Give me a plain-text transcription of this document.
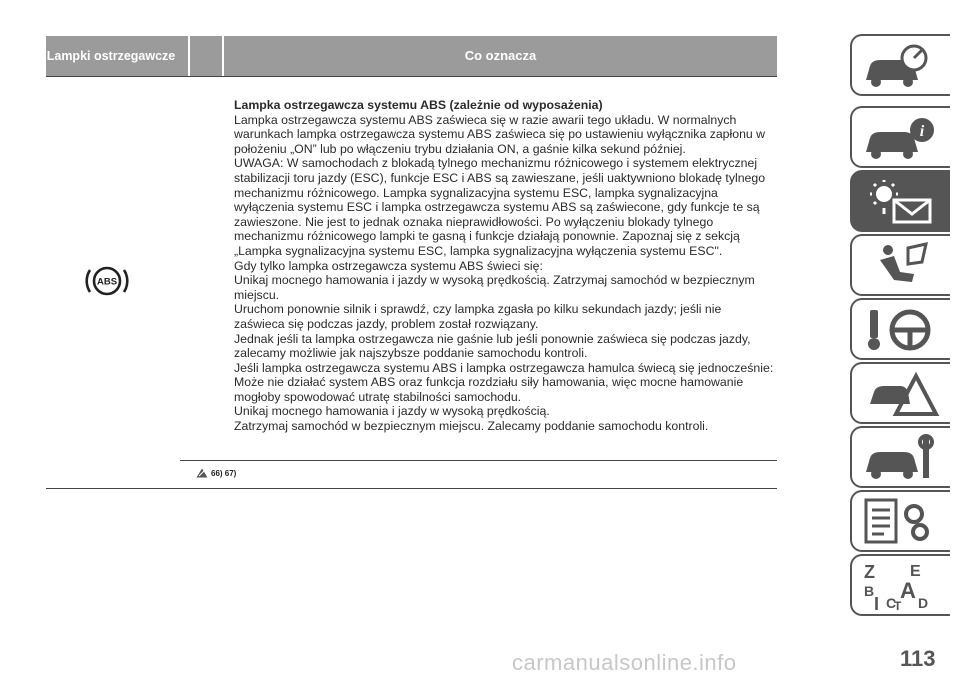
Lampki ostrzegawcze	Co oznacza
ABS

Lampka ostrzegawcza systemu ABS (zależnie od wyposażenia)

Lampka ostrzegawcza systemu ABS zaświeca się w razie awarii tego układu. W normalnych warunkach lampka ostrzegawcza systemu ABS zaświeca się po ustawieniu wyłącznika zapłonu w położeniu „ON” lub po włączeniu trybu działania ON, a gaśnie kilka sekund później.

UWAGA: W samochodach z blokadą tylnego mechanizmu różnicowego i systemem elektrycznej stabilizacji toru jazdy (ESC), funkcje ESC i ABS są zawieszane, jeśli uaktywniono blokadę tylnego mechanizmu różnicowego. Lampka sygnalizacyjna systemu ESC, lampka sygnalizacyjna wyłączenia systemu ESC i lampka ostrzegawcza systemu ABS są zaświecone, gdy funkcje te są zawieszone. Nie jest to jednak oznaka nieprawidłowości. Po wyłączeniu blokady tylnego mechanizmu różnicowego lampki te gasną i funkcje działają ponownie. Zapoznaj się z sekcją „Lampka sygnalizacyjna systemu ESC, lampka sygnalizacyjna wyłączenia systemu ESC".

Gdy tylko lampka ostrzegawcza systemu ABS świeci się:

Unikaj mocnego hamowania i jazdy w wysoką prędkością. Zatrzymaj samochód w bezpiecznym miejscu.

Uruchom ponownie silnik i sprawdź, czy lampka zgasła po kilku sekundach jazdy; jeśli nie zaświeca się podczas jazdy, problem został rozwiązany.

Jednak jeśli ta lampka ostrzegawcza nie gaśnie lub jeśli ponownie zaświeca się podczas jazdy, zalecamy możliwie jak najszybsze poddanie samochodu kontroli.

Jeśli lampka ostrzegawcza systemu ABS i lampka ostrzegawcza hamulca świecą się jednocześnie:

Może nie działać system ABS oraz funkcja rozdziału siły hamowania, więc mocne hamowanie mogłoby spowodować utratę stabilności samochodu.

Unikaj mocnego hamowania i jazdy w wysoką prędkością.

Zatrzymaj samochód w bezpiecznym miejscu. Zalecamy poddanie samochodu kontroli.

66) 67)
i
Z E
B A
I C
T D
carmanualsonline.info	113
